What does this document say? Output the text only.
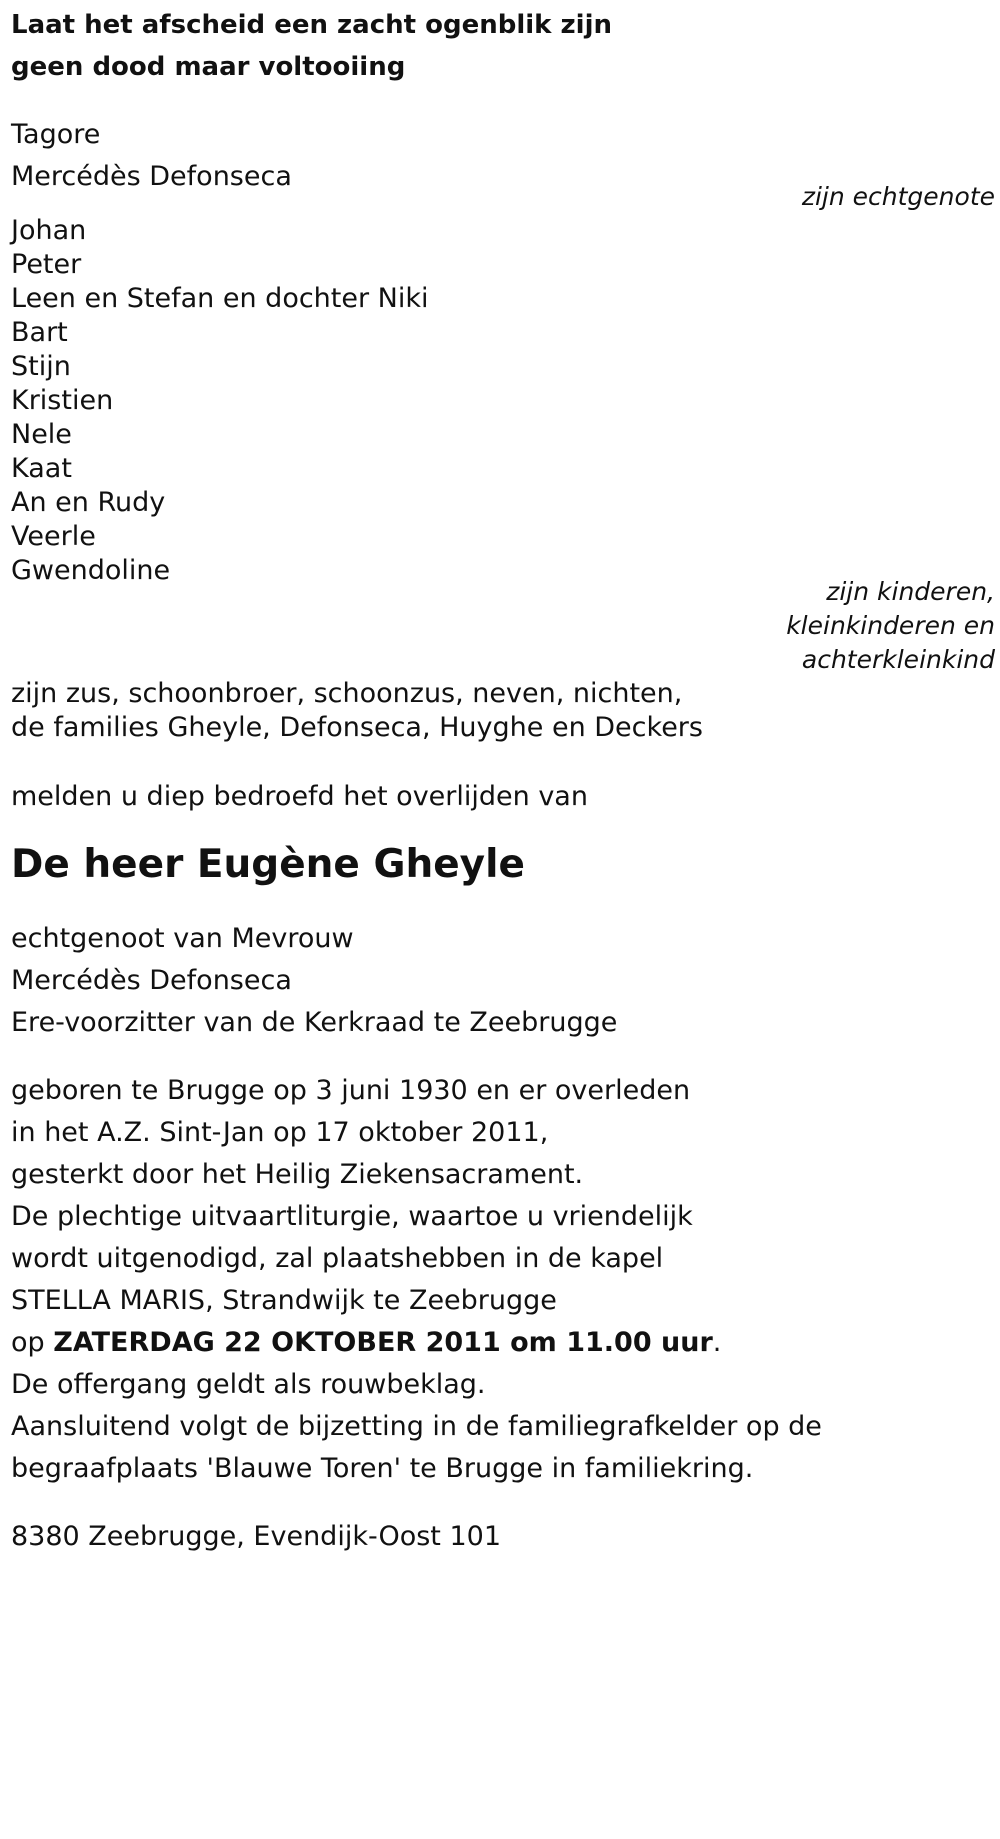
Laat het afscheid een zacht ogenblik zijn

geen dood maar voltooiing

Tagore

Mercédès Defonseca

zijn echtgenote

Johan

Peter

Leen en Stefan en dochter Niki

Bart

Stijn

Kristien

Nele

Kaat

An en Rudy

Veerle

Gwendoline

zijn kinderen,

kleinkinderen en

achterkleinkind

zijn zus, schoonbroer, schoonzus, neven, nichten,

de families Gheyle, Defonseca, Huyghe en Deckers

melden u diep bedroefd het overlijden van

De heer Eugène Gheyle

echtgenoot van Mevrouw

Mercédès Defonseca

Ere-voorzitter van de Kerkraad te Zeebrugge

geboren te Brugge op 3 juni 1930 en er overleden

in het A.Z. Sint-Jan op 17 oktober 2011,

gesterkt door het Heilig Ziekensacrament.

De plechtige uitvaartliturgie, waartoe u vriendelijk

wordt uitgenodigd, zal plaatshebben in de kapel

STELLA MARIS, Strandwijk te Zeebrugge

op ZATERDAG 22 OKTOBER 2011 om 11.00 uur.

De offergang geldt als rouwbeklag.

Aansluitend volgt de bijzetting in de familiegrafkelder op de

begraafplaats 'Blauwe Toren' te Brugge in familiekring.

8380 Zeebrugge, Evendijk-Oost 101
